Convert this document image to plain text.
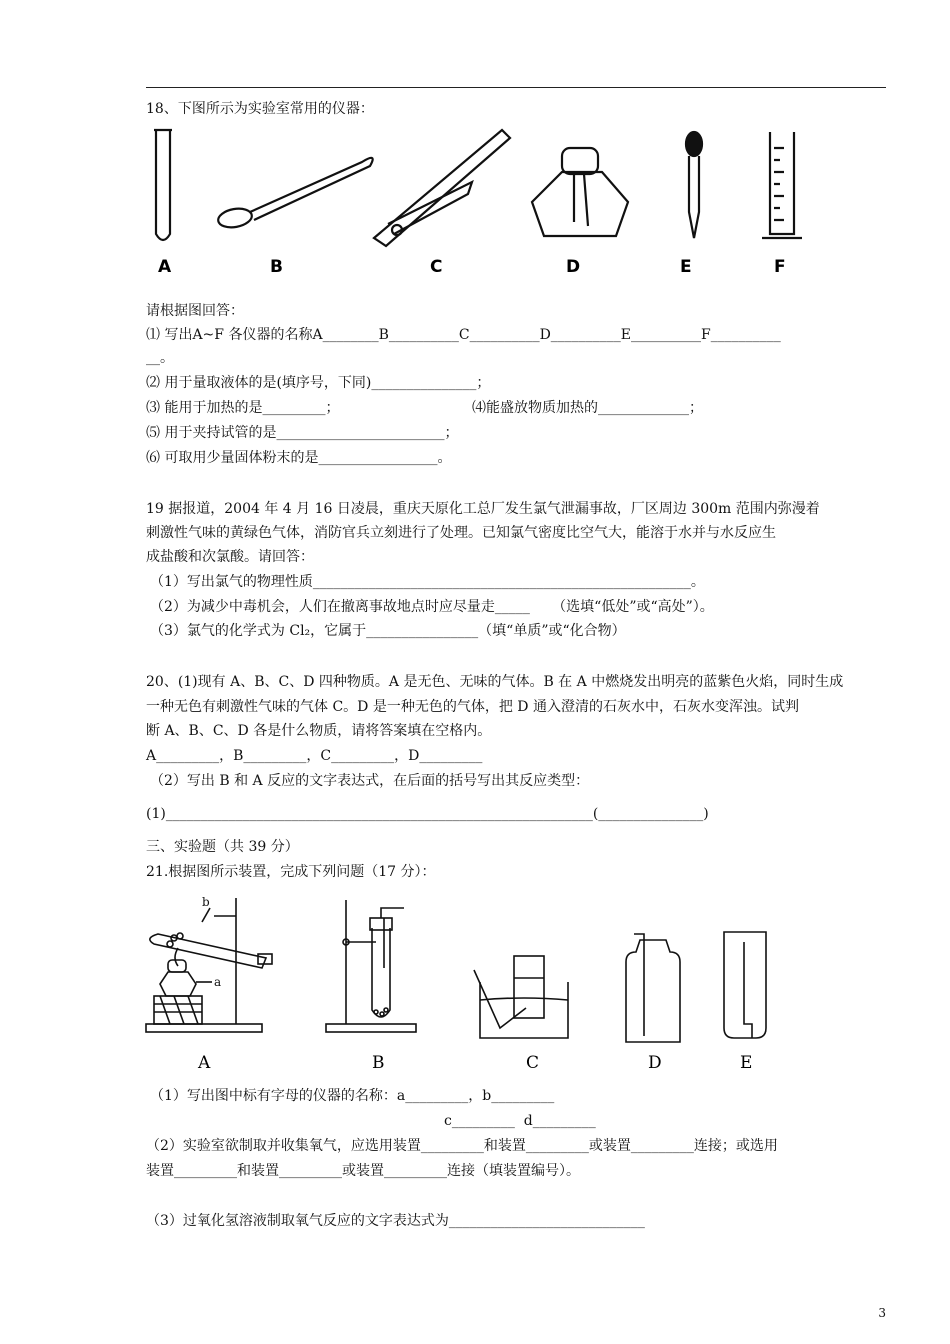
18、下图所示为实验室常用的仪器：
A	B	C	D	E	F
请根据图回答：
⑴ 写出A~F 各仪器的名称A________B__________C__________D__________E__________F__________
__。
⑵ 用于量取液体的是(填序号，下同)_______________；
⑶ 能用于加热的是_________；	⑷能盛放物质加热的_____________；
⑸ 用于夹持试管的是________________________；
⑹ 可取用少量固体粉末的是_________________。
19 据报道，2004 年 4 月 16 日凌晨，重庆天原化工总厂发生氯气泄漏事故，厂区周边 300m 范围内弥漫着
刺激性气味的黄绿色气体，消防官兵立刻进行了处理。已知氯气密度比空气大，能溶于水并与水反应生
成盐酸和次氯酸。请回答：
（1）写出氯气的物理性质______________________________________________________。
（2）为减少中毒机会，人们在撤离事故地点时应尽量走_____     （选填“低处”或“高处”）。
（3）氯气的化学式为 Cl₂，它属于________________（填“单质”或“化合物）
20、(1)现有 A、B、C、D 四种物质。A 是无色、无味的气体。B 在 A 中燃烧发出明亮的蓝紫色火焰，同时生成
一种无色有刺激性气味的气体 C。D 是一种无色的气体，把 D 通入澄清的石灰水中，石灰水变浑浊。试判
断 A、B、C、D 各是什么物质，请将答案填在空格内。
A_________，B_________，C_________，D_________
（2）写出 B 和 A 反应的文字表达式，在后面的括号写出其反应类型：
(1)_____________________________________________________________(_______________)
三、实验题（共 39 分）
21.根据图所示装置，完成下列问题（17 分）：
a
b
A	B	C	D	E
（1）写出图中标有字母的仪器的名称：a_________，b_________
c_________  d_________
（2）实验室欲制取并收集氧气，应选用装置_________和装置_________或装置_________连接；或选用
装置_________和装置_________或装置_________连接（填装置编号）。
（3）过氧化氢溶液制取氧气反应的文字表达式为____________________________
3
